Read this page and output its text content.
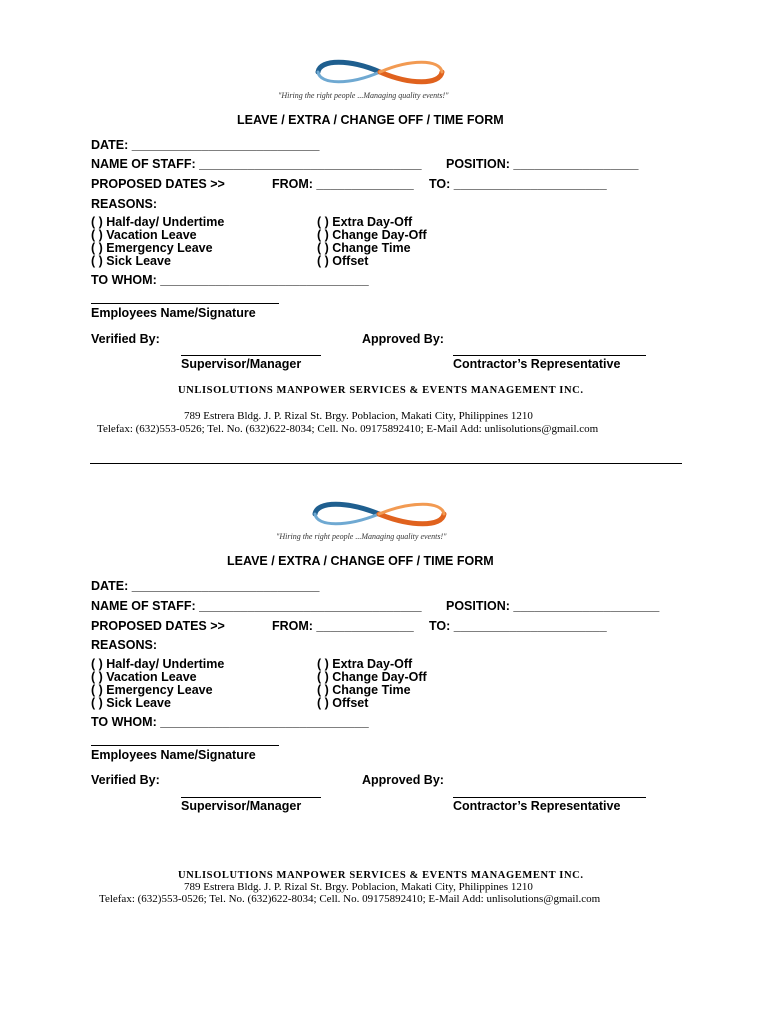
"Hiring the right people ...Managing quality events!"
LEAVE / EXTRA / CHANGE OFF / TIME FORM
DATE: ___________________________
NAME OF STAFF: ________________________________ POSITION: __________________
PROPOSED DATES >>	FROM: ______________ TO: ______________________
REASONS:
( ) Half-day/ Undertime
( ) Vacation Leave
( ) Emergency Leave
( ) Sick Leave
( ) Extra Day-Off
( ) Change Day-Off
( ) Change Time
( ) Offset
TO WHOM: ______________________________
Employees Name/Signature
Verified By:	Approved By:
Supervisor/Manager	Contractor’s Representative
UNLISOLUTIONS MANPOWER SERVICES & EVENTS MANAGEMENT INC.
789 Estrera Bldg. J. P. Rizal St. Brgy. Poblacion, Makati City, Philippines 1210
Telefax: (632)553-0526; Tel. No. (632)622-8034; Cell. No. 09175892410; E-Mail Add: unlisolutions@gmail.com
"Hiring the right people ...Managing quality events!"
LEAVE / EXTRA / CHANGE OFF / TIME FORM
DATE: ___________________________
NAME OF STAFF: ________________________________ POSITION: _____________________
PROPOSED DATES >>	FROM: ______________ TO: ______________________
REASONS:
( ) Half-day/ Undertime
( ) Vacation Leave
( ) Emergency Leave
( ) Sick Leave
( ) Extra Day-Off
( ) Change Day-Off
( ) Change Time
( ) Offset
TO WHOM: ______________________________
Employees Name/Signature
Verified By:	Approved By:
Supervisor/Manager	Contractor’s Representative
UNLISOLUTIONS MANPOWER SERVICES & EVENTS MANAGEMENT INC.
789 Estrera Bldg. J. P. Rizal St. Brgy. Poblacion, Makati City, Philippines 1210
Telefax: (632)553-0526; Tel. No. (632)622-8034; Cell. No. 09175892410; E-Mail Add: unlisolutions@gmail.com
